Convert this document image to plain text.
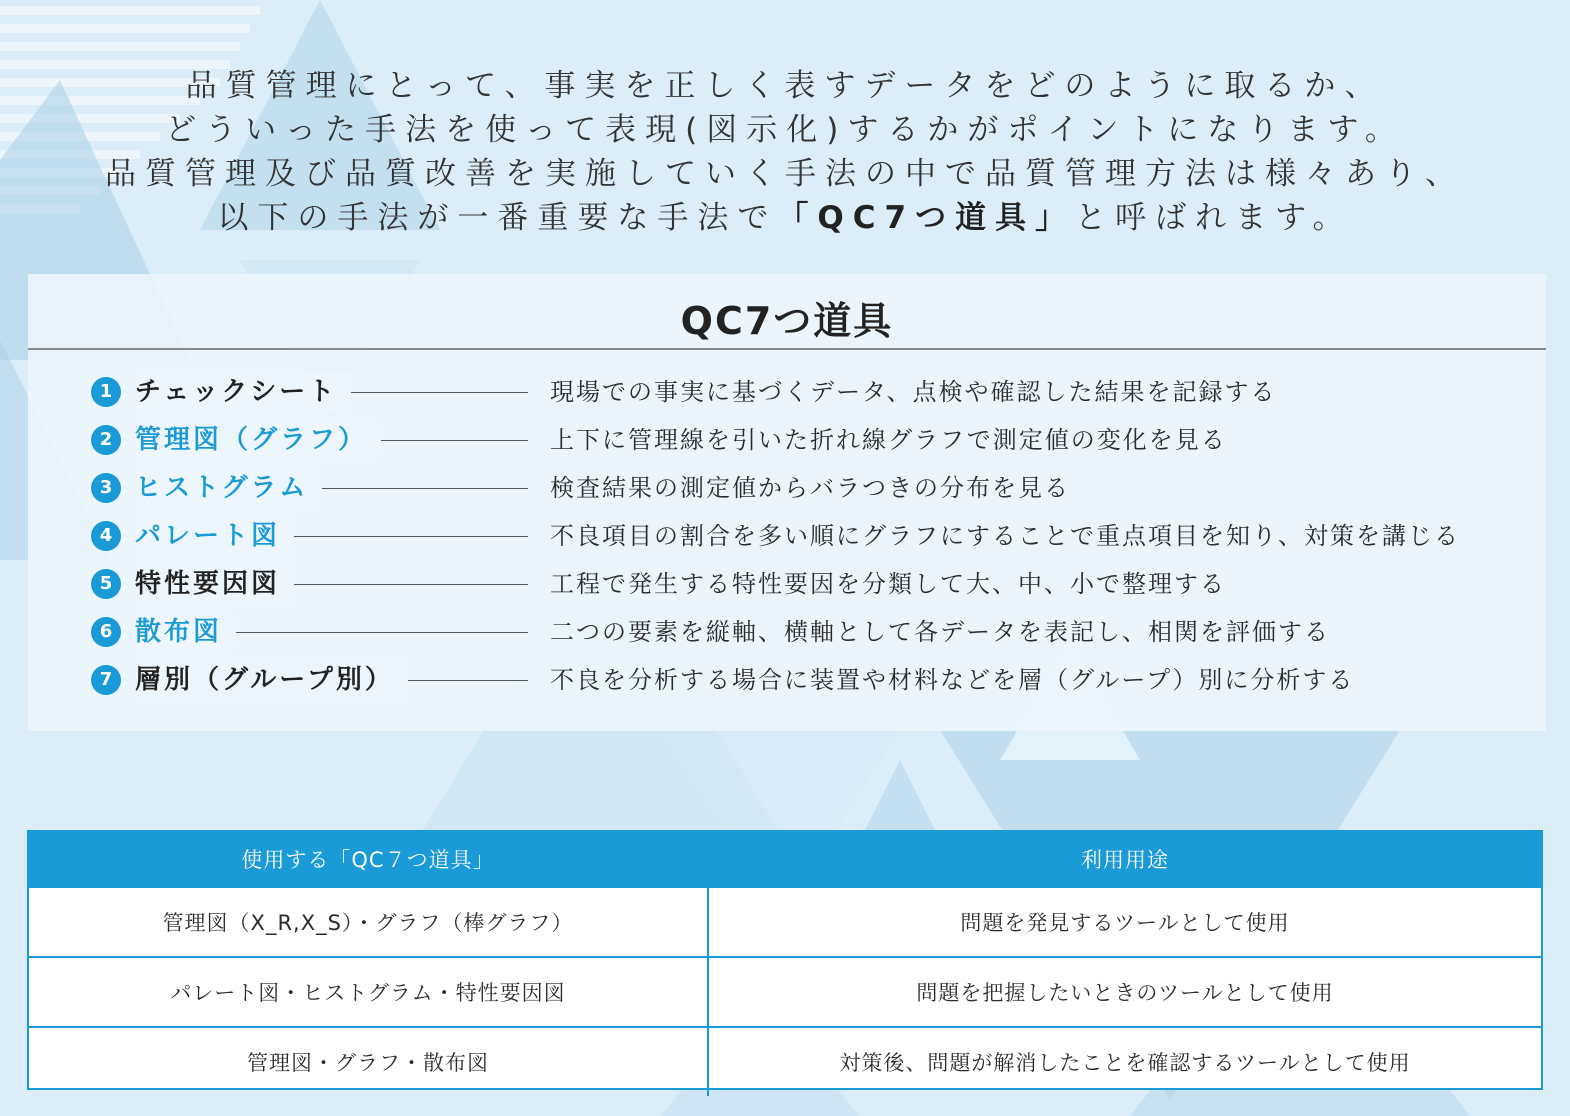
品質管理にとって、事実を正しく表すデータをどのように取るか、
どういった手法を使って表現(図示化)するかがポイントになります。
品質管理及び品質改善を実施していく手法の中で品質管理方法は様々あり、
以下の手法が一番重要な手法で「QC7つ道具」と呼ばれます。
QC7つ道具
1 チェックシート	現場での事実に基づくデータ、点検や確認した結果を記録する
2 管理図（グラフ）	上下に管理線を引いた折れ線グラフで測定値の変化を見る
3 ヒストグラム	検査結果の測定値からバラつきの分布を見る
4 パレート図	不良項目の割合を多い順にグラフにすることで重点項目を知り、対策を講じる
5 特性要因図	工程で発生する特性要因を分類して大、中、小で整理する
6 散布図	二つの要素を縦軸、横軸として各データを表記し、相関を評価する
7 層別（グループ別）	不良を分析する場合に装置や材料などを層（グループ）別に分析する
使用する「QC７つ道具」	利用用途
管理図（X_R,X_S）・グラフ（棒グラフ）	問題を発見するツールとして使用
パレート図・ヒストグラム・特性要因図	問題を把握したいときのツールとして使用
管理図・グラフ・散布図	対策後、問題が解消したことを確認するツールとして使用
